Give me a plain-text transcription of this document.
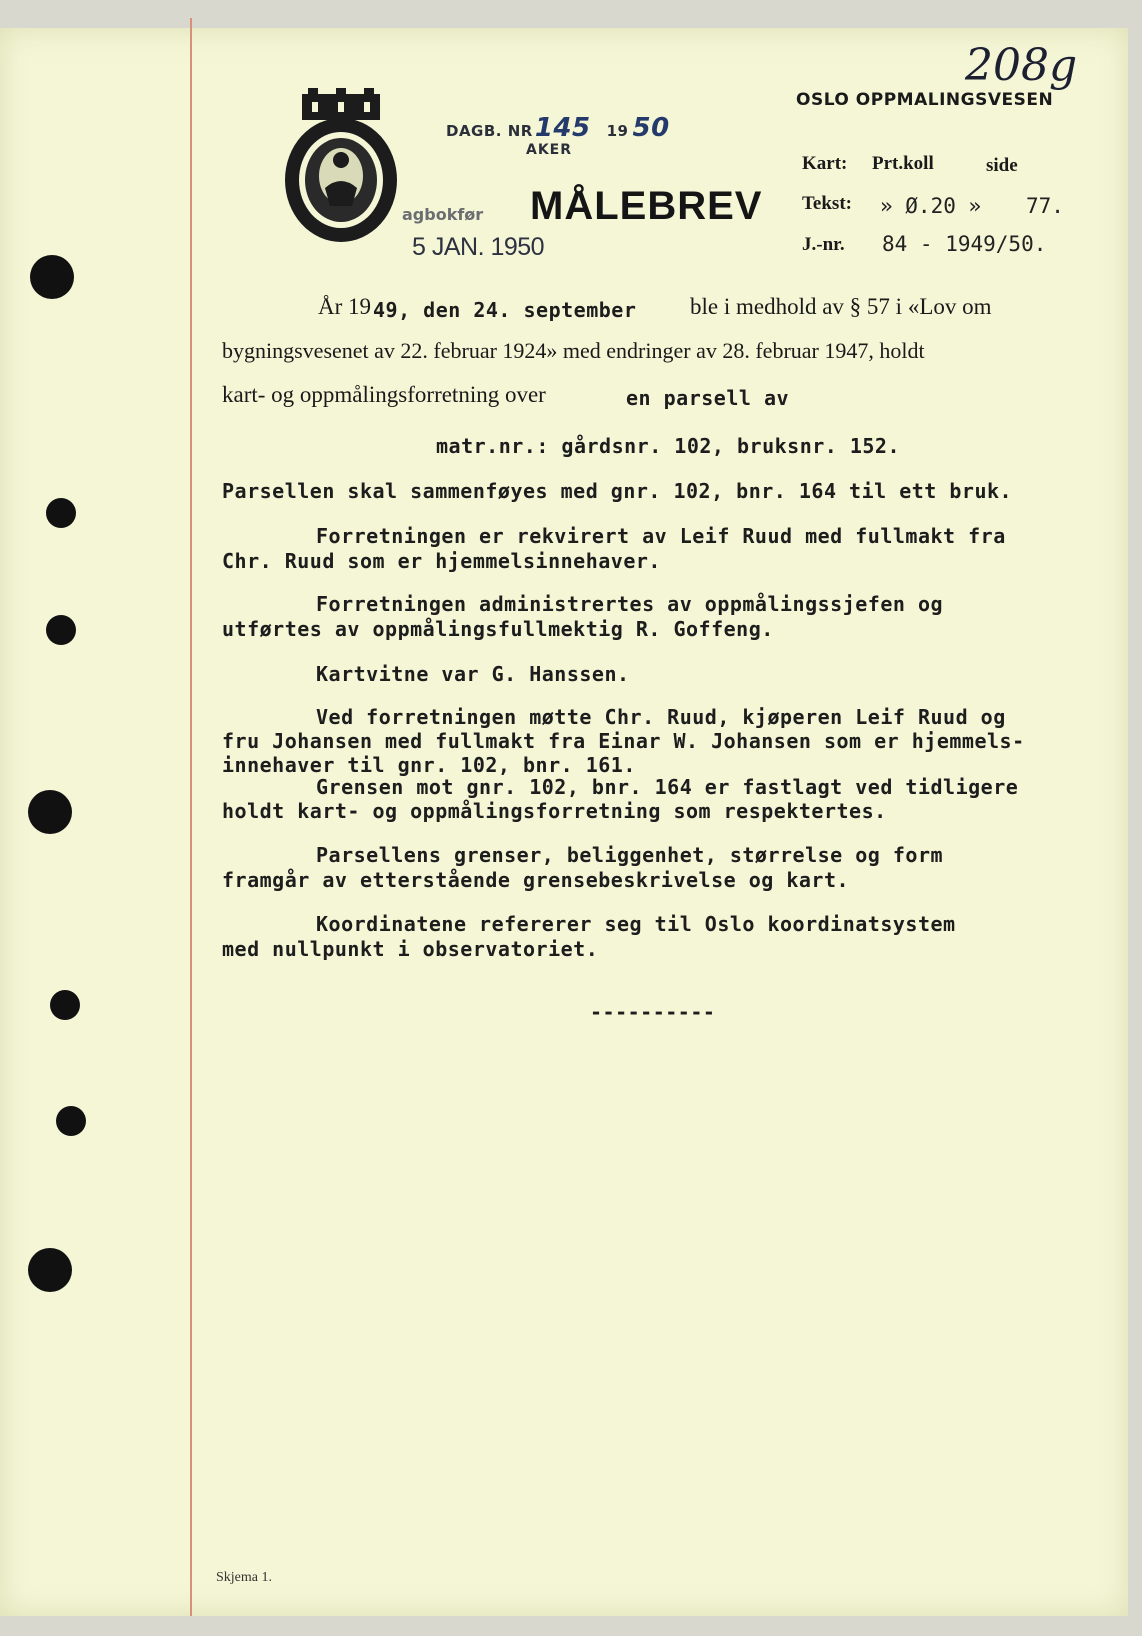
DAGB. NR145 19 50
AKER
agbokfør MÅLEBREV
5 JAN. 1950
OSLO OPPMALINGSVESEN
208g
Kart: Prt.koll	side
Tekst: » Ø.20 » 77.
J.-nr. 84 - 1949/50.
År 19 49, den 24. september ble i medhold av § 57 i «Lov om
bygningsvesenet av 22. februar 1924» med endringer av 28. februar 1947, holdt
kart- og oppmålingsforretning over	en parsell av
matr.nr.: gårdsnr. 102, bruksnr. 152.
Parsellen skal sammenføyes med gnr. 102, bnr. 164 til ett bruk.
Forretningen er rekvirert av Leif Ruud med fullmakt fra
Chr. Ruud som er hjemmelsinnehaver.
Forretningen administrertes av oppmålingssjefen og
utførtes av oppmålingsfullmektig R. Goffeng.
Kartvitne var G. Hanssen.
Ved forretningen møtte Chr. Ruud, kjøperen Leif Ruud og
fru Johansen med fullmakt fra Einar W. Johansen som er hjemmels-
innehaver til gnr. 102, bnr. 161.
Grensen mot gnr. 102, bnr. 164 er fastlagt ved tidligere
holdt kart- og oppmålingsforretning som respektertes.
Parsellens grenser, beliggenhet, størrelse og form
framgår av etterstående grensebeskrivelse og kart.
Koordinatene refererer seg til Oslo koordinatsystem
med nullpunkt i observatoriet.
----------
Skjema 1.
